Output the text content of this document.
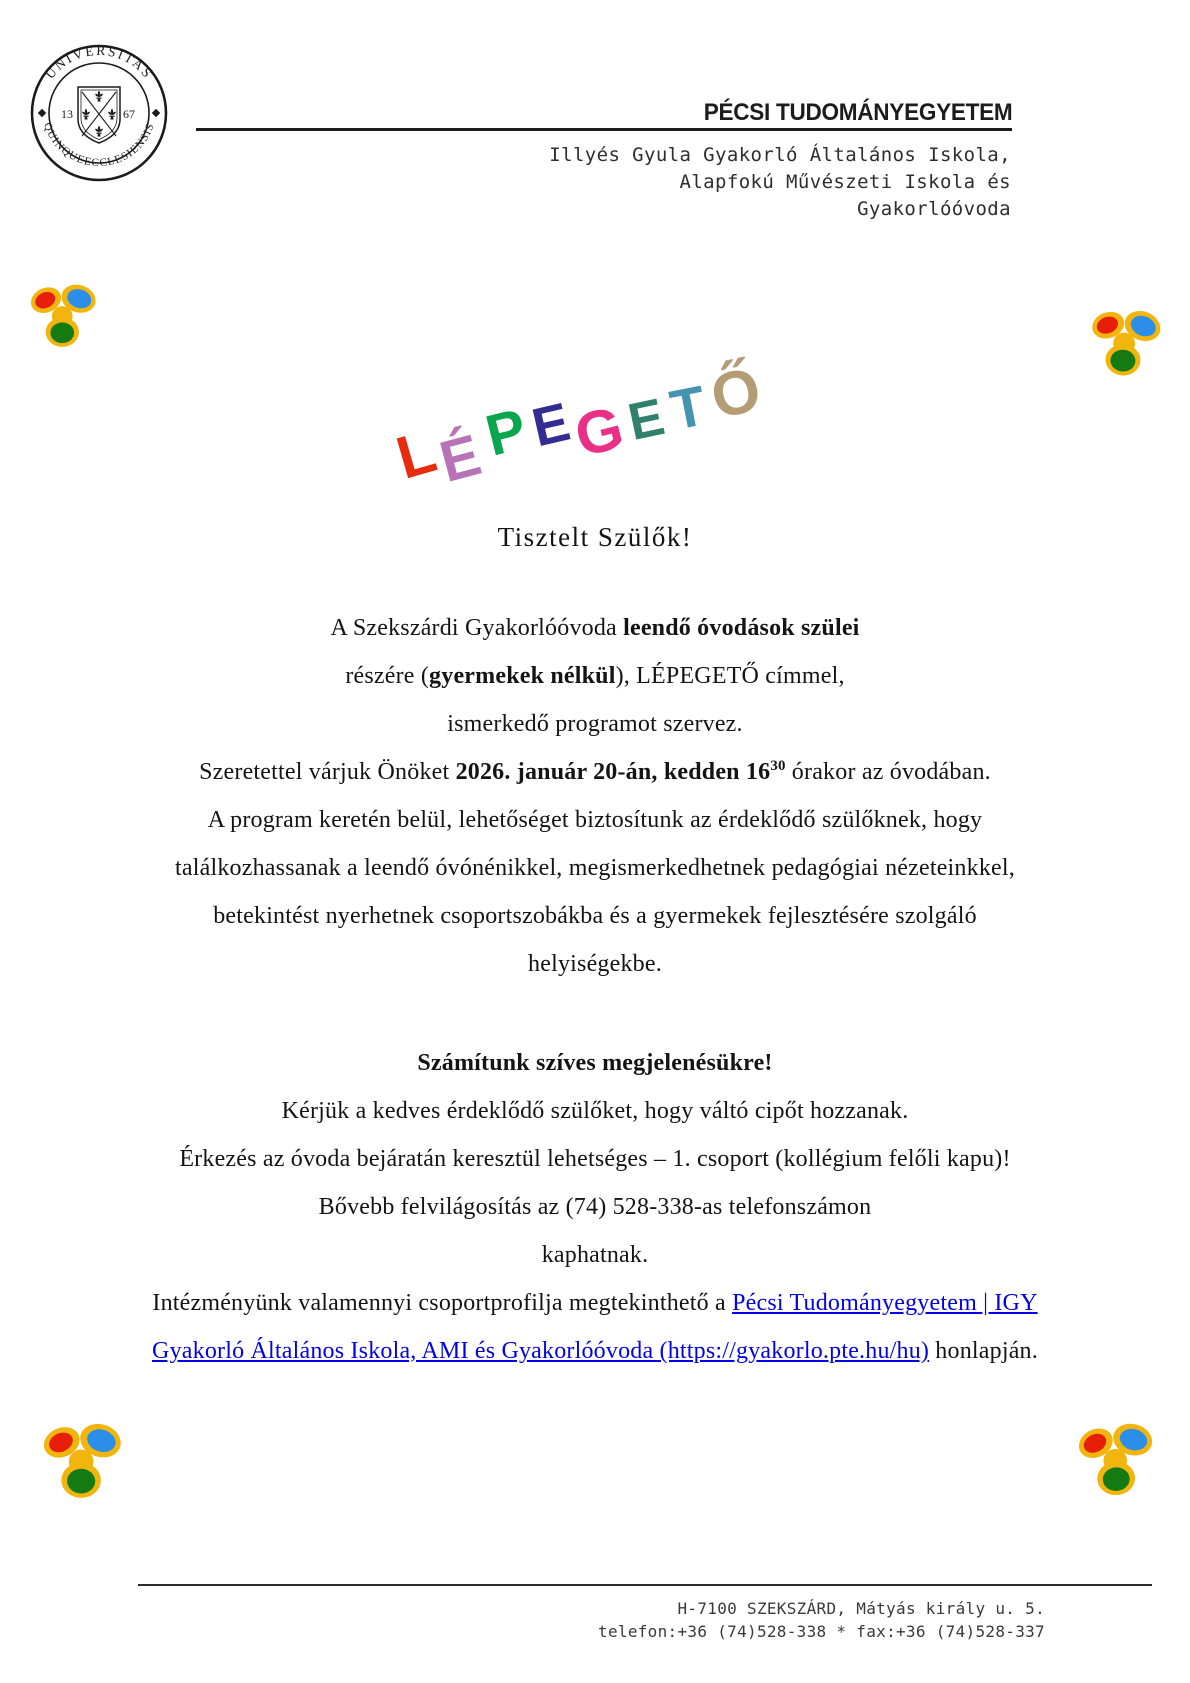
UNIVERSITAS
QUINQUEECCLESIENSIS
13	67	PÉCSI TUDOMÁNYEGYETEM
Illyés Gyula Gyakorló Általános Iskola,
Alapfokú Művészeti Iskola és
Gyakorlóóvoda
L
É
P
E
G
E
T
Ő
Tisztelt Szülők!
A Szekszárdi Gyakorlóóvoda leendő óvodások szülei
részére (gyermekek nélkül), LÉPEGETŐ címmel,
ismerkedő programot szervez.
Szeretettel várjuk Önöket 2026. január 20-án, kedden $16^{30}$ órakor az óvodában.
A program keretén belül, lehetőséget biztosítunk az érdeklődő szülőknek, hogy
találkozhassanak a leendő óvónénikkel, megismerkedhetnek pedagógiai nézeteinkkel,
betekintést nyerhetnek csoportszobákba és a gyermekek fejlesztésére szolgáló
helyiségekbe.
Számítunk szíves megjelenésükre!
Kérjük a kedves érdeklődő szülőket, hogy váltó cipőt hozzanak.
Érkezés az óvoda bejáratán keresztül lehetséges – 1. csoport (kollégium felőli kapu)!
Bővebb felvilágosítás az (74) 528-338-as telefonszámon
kaphatnak.
Intézményünk valamennyi csoportprofilja megtekinthető a Pécsi Tudományegyetem | IGY
Gyakorló Általános Iskola, AMI és Gyakorlóóvoda (https://gyakorlo.pte.hu/hu) honlapján.
H-7100 SZEKSZÁRD, Mátyás király u. 5.
telefon:+36 (74)528-338 * fax:+36 (74)528-337
